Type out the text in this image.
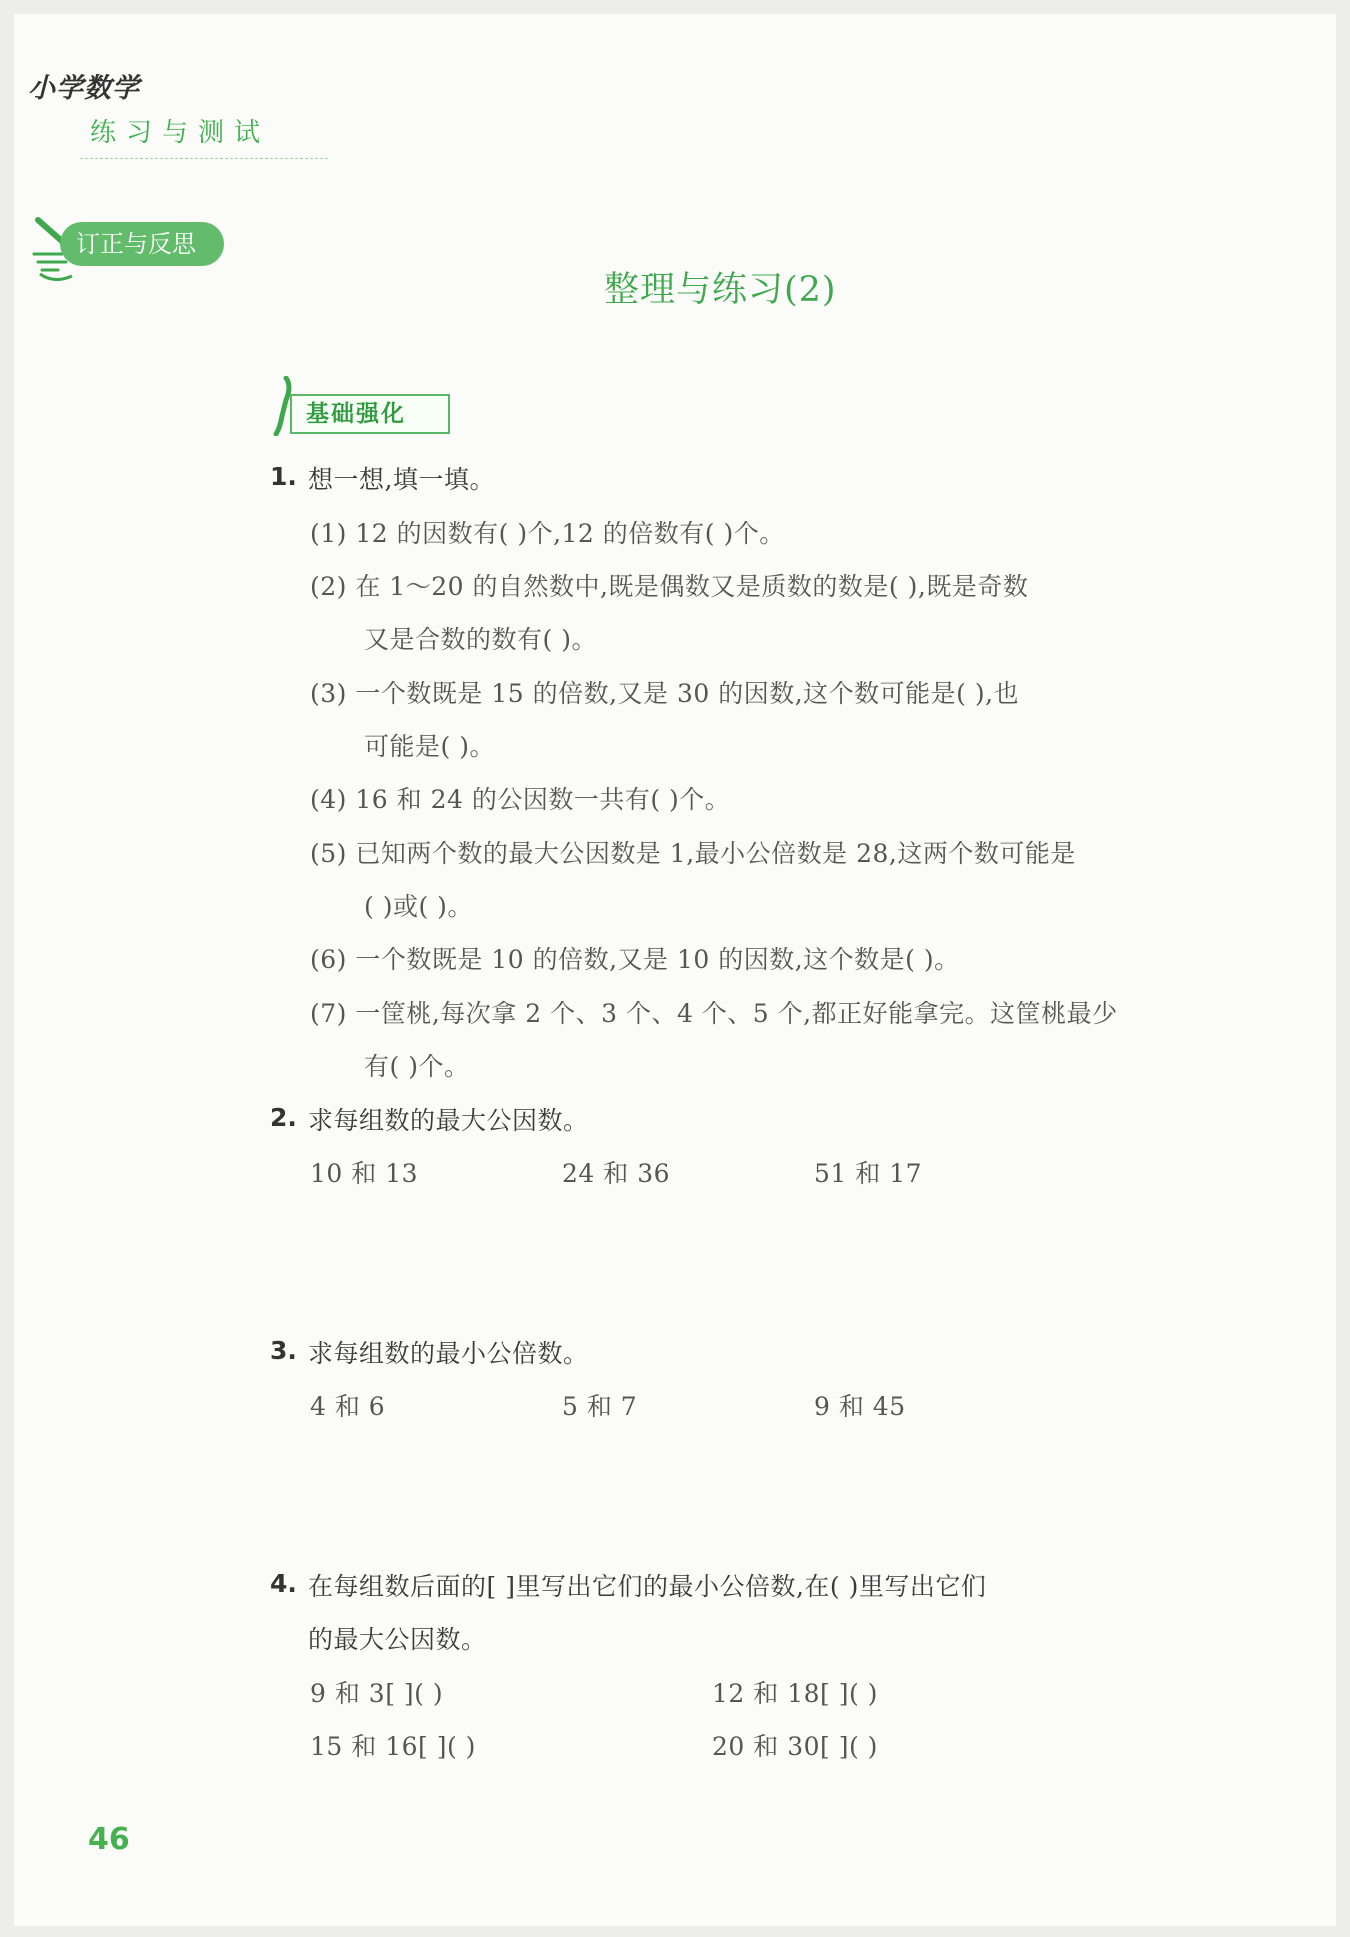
小学数学
练习与测试
订正与反思
整理与练习(2)
基础强化
1. 想一想,填一填。
(1) 12 的因数有( )个,12 的倍数有( )个。
(2) 在 1～20 的自然数中,既是偶数又是质数的数是( ),既是奇数
又是合数的数有( )。
(3) 一个数既是 15 的倍数,又是 30 的因数,这个数可能是( ),也
可能是( )。
(4) 16 和 24 的公因数一共有( )个。
(5) 已知两个数的最大公因数是 1,最小公倍数是 28,这两个数可能是
( )或( )。
(6) 一个数既是 10 的倍数,又是 10 的因数,这个数是( )。
(7) 一筐桃,每次拿 2 个、3 个、4 个、5 个,都正好能拿完。这筐桃最少
有( )个。
2. 求每组数的最大公因数。
10 和 13	24 和 36	51 和 17
3. 求每组数的最小公倍数。
4 和 6	5 和 7	9 和 45
4. 在每组数后面的[ ]里写出它们的最小公倍数,在( )里写出它们
的最大公因数。
9 和 3[ ]( )	12 和 18[ ]( )
15 和 16[ ]( )	20 和 30[ ]( )
46
